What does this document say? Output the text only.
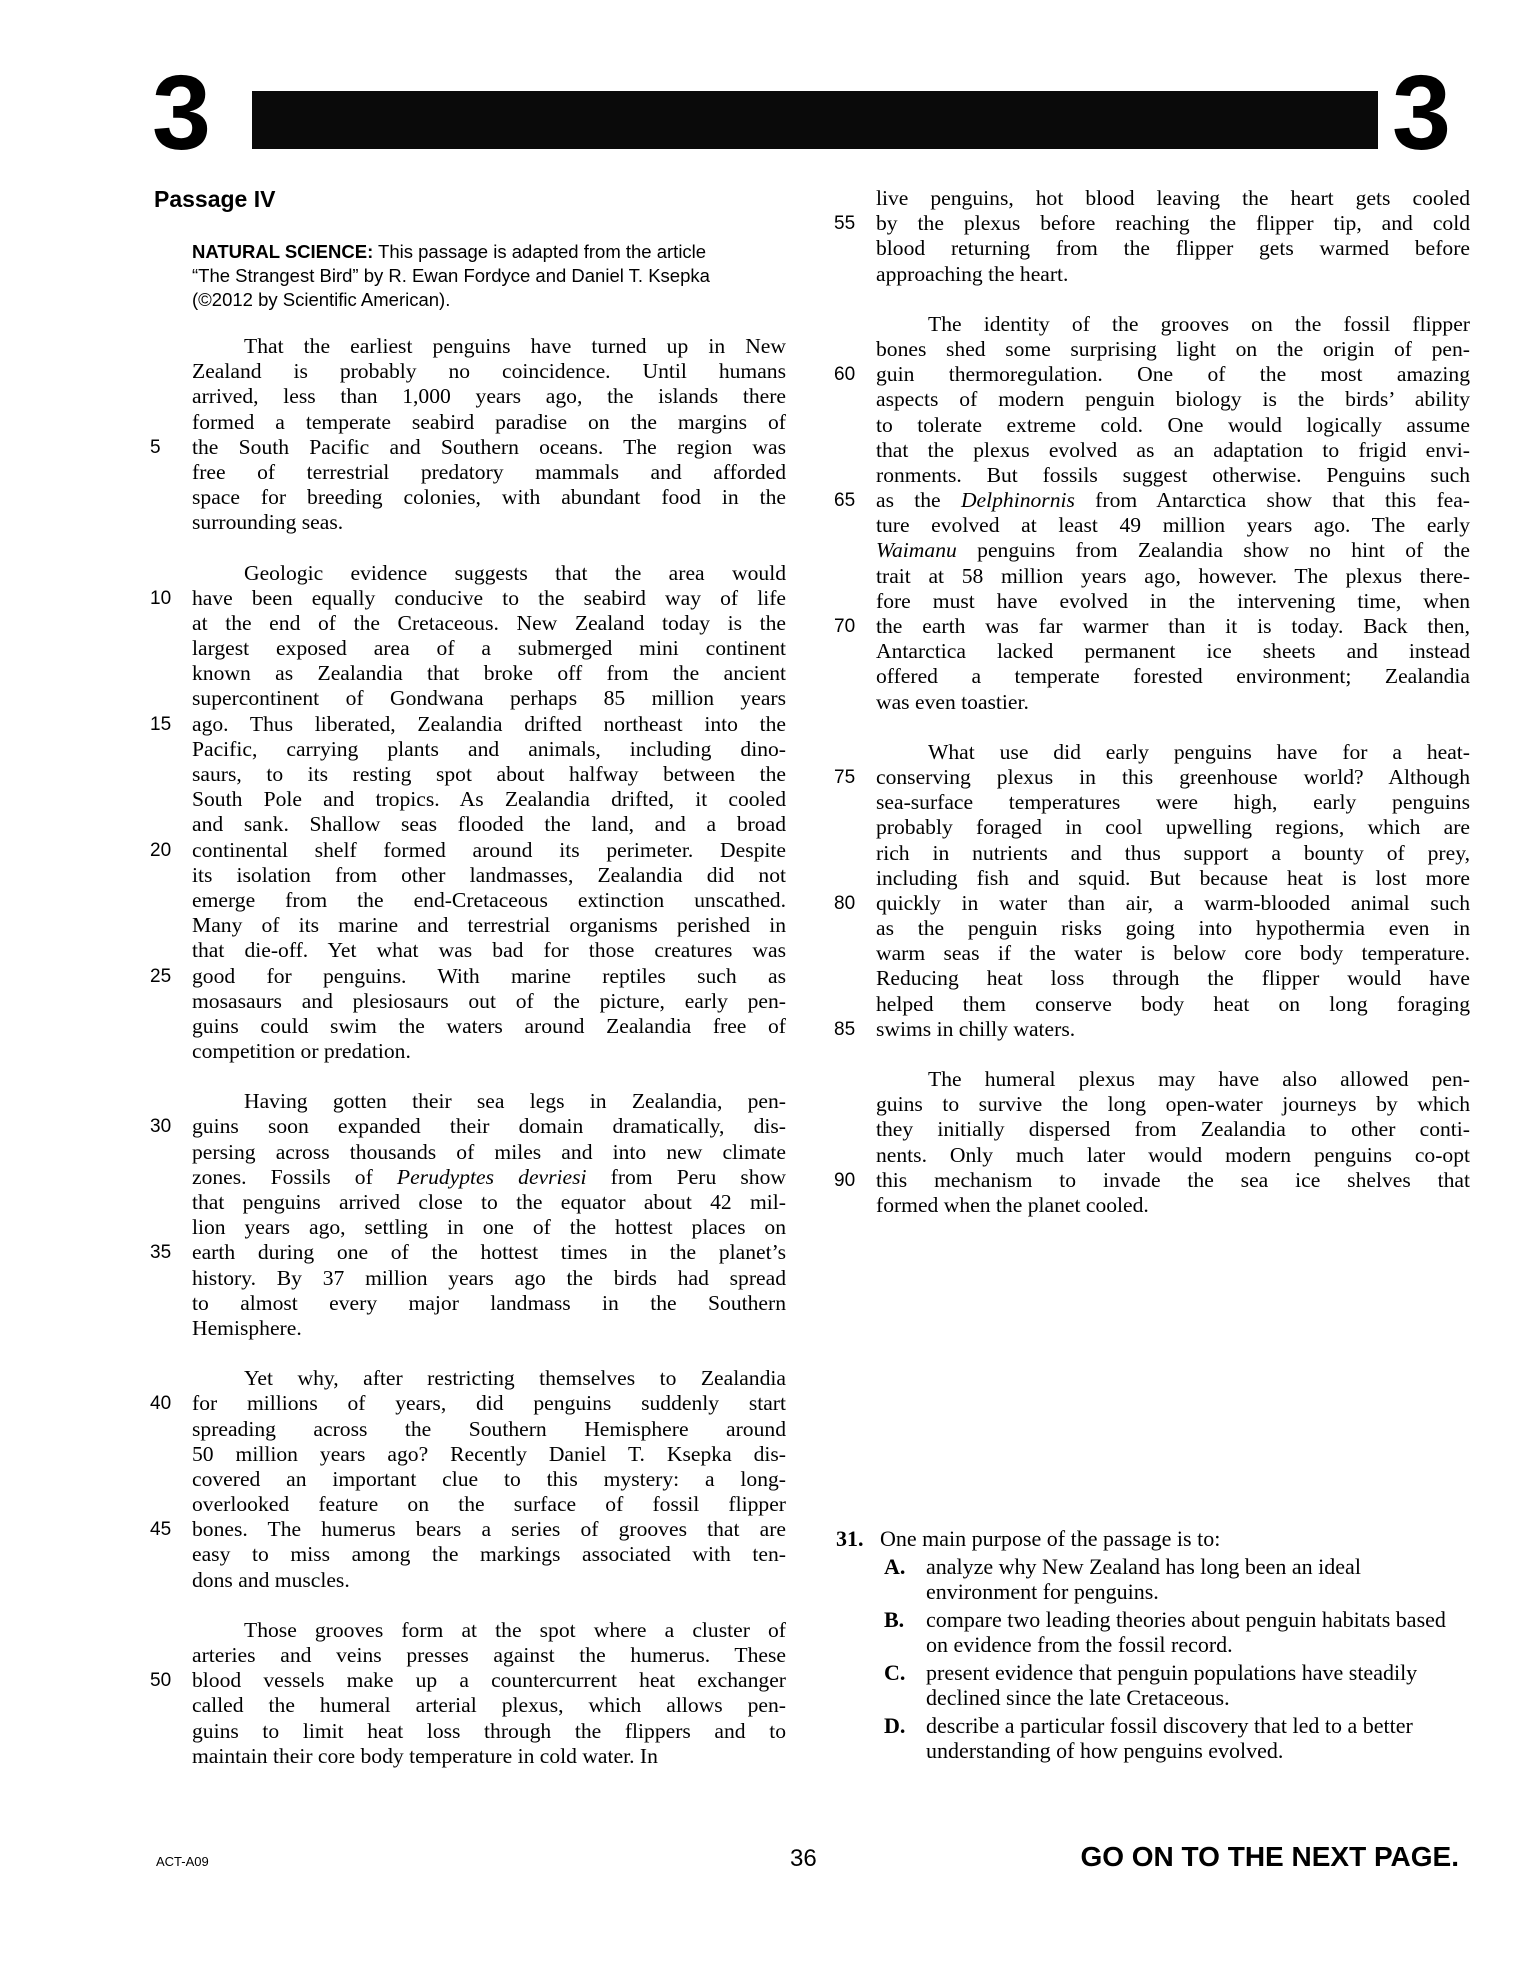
3	3
Passage IV
NATURAL SCIENCE: This passage is adapted from the article
“The Strangest Bird” by R. Ewan Fordyce and Daniel T. Ksepka
(©2012 by Scientific American).
That the earliest penguins have turned up in New
Zealand is probably no coincidence. Until humans
arrived, less than 1,000 years ago, the islands there
formed a temperate seabird paradise on the margins of
5	the South Pacific and Southern oceans. The region was
free of terrestrial predatory mammals and afforded
space for breeding colonies, with abundant food in the
surrounding seas.
Geologic evidence suggests that the area would
10 have been equally conducive to the seabird way of life
at the end of the Cretaceous. New Zealand today is the
largest exposed area of a submerged mini continent
known as Zealandia that broke off from the ancient
supercontinent of Gondwana perhaps 85 million years
15 ago. Thus liberated, Zealandia drifted northeast into the
Pacific, carrying plants and animals, including dino-
saurs, to its resting spot about halfway between the
South Pole and tropics. As Zealandia drifted, it cooled
and sank. Shallow seas flooded the land, and a broad
20 continental shelf formed around its perimeter. Despite
its isolation from other landmasses, Zealandia did not
emerge from the end-Cretaceous extinction unscathed.
Many of its marine and terrestrial organisms perished in
that die-off. Yet what was bad for those creatures was
25 good for penguins. With marine reptiles such as
mosasaurs and plesiosaurs out of the picture, early pen-
guins could swim the waters around Zealandia free of
competition or predation.
Having gotten their sea legs in Zealandia, pen-
30 guins soon expanded their domain dramatically, dis-
persing across thousands of miles and into new climate
zones. Fossils of Perudyptes devriesi from Peru show
that penguins arrived close to the equator about 42 mil-
lion years ago, settling in one of the hottest places on
35 earth during one of the hottest times in the planet’s
history. By 37 million years ago the birds had spread
to almost every major landmass in the Southern
Hemisphere.
Yet why, after restricting themselves to Zealandia
40 for millions of years, did penguins suddenly start
spreading across the Southern Hemisphere around
50 million years ago? Recently Daniel T. Ksepka dis-
covered an important clue to this mystery: a long-
overlooked feature on the surface of fossil flipper
45 bones. The humerus bears a series of grooves that are
easy to miss among the markings associated with ten-
dons and muscles.
Those grooves form at the spot where a cluster of
arteries and veins presses against the humerus. These
50 blood vessels make up a countercurrent heat exchanger
called the humeral arterial plexus, which allows pen-
guins to limit heat loss through the flippers and to
maintain their core body temperature in cold water. In
live penguins, hot blood leaving the heart gets cooled
55 by the plexus before reaching the flipper tip, and cold
blood returning from the flipper gets warmed before
approaching the heart.
The identity of the grooves on the fossil flipper
bones shed some surprising light on the origin of pen-
60 guin thermoregulation. One of the most amazing
aspects of modern penguin biology is the birds’ ability
to tolerate extreme cold. One would logically assume
that the plexus evolved as an adaptation to frigid envi-
ronments. But fossils suggest otherwise. Penguins such
65 as the Delphinornis from Antarctica show that this fea-
ture evolved at least 49 million years ago. The early
Waimanu penguins from Zealandia show no hint of the
trait at 58 million years ago, however. The plexus there-
fore must have evolved in the intervening time, when
70 the earth was far warmer than it is today. Back then,
Antarctica lacked permanent ice sheets and instead
offered a temperate forested environment; Zealandia
was even toastier.
What use did early penguins have for a heat-
75 conserving plexus in this greenhouse world? Although
sea-surface temperatures were high, early penguins
probably foraged in cool upwelling regions, which are
rich in nutrients and thus support a bounty of prey,
including fish and squid. But because heat is lost more
80 quickly in water than air, a warm-blooded animal such
as the penguin risks going into hypothermia even in
warm seas if the water is below core body temperature.
Reducing heat loss through the flipper would have
helped them conserve body heat on long foraging
85 swims in chilly waters.
The humeral plexus may have also allowed pen-
guins to survive the long open-water journeys by which
they initially dispersed from Zealandia to other conti-
nents. Only much later would modern penguins co-opt
90 this mechanism to invade the sea ice shelves that
formed when the planet cooled.
31. One main purpose of the passage is to:
A. analyze why New Zealand has long been an ideal environment for penguins.
B. compare two leading theories about penguin habitats based on evidence from the fossil record.
C. present evidence that penguin populations have steadily declined since the late Cretaceous.
D. describe a particular fossil discovery that led to a better understanding of how penguins evolved.
ACT-A09	36	GO ON TO THE NEXT PAGE.
